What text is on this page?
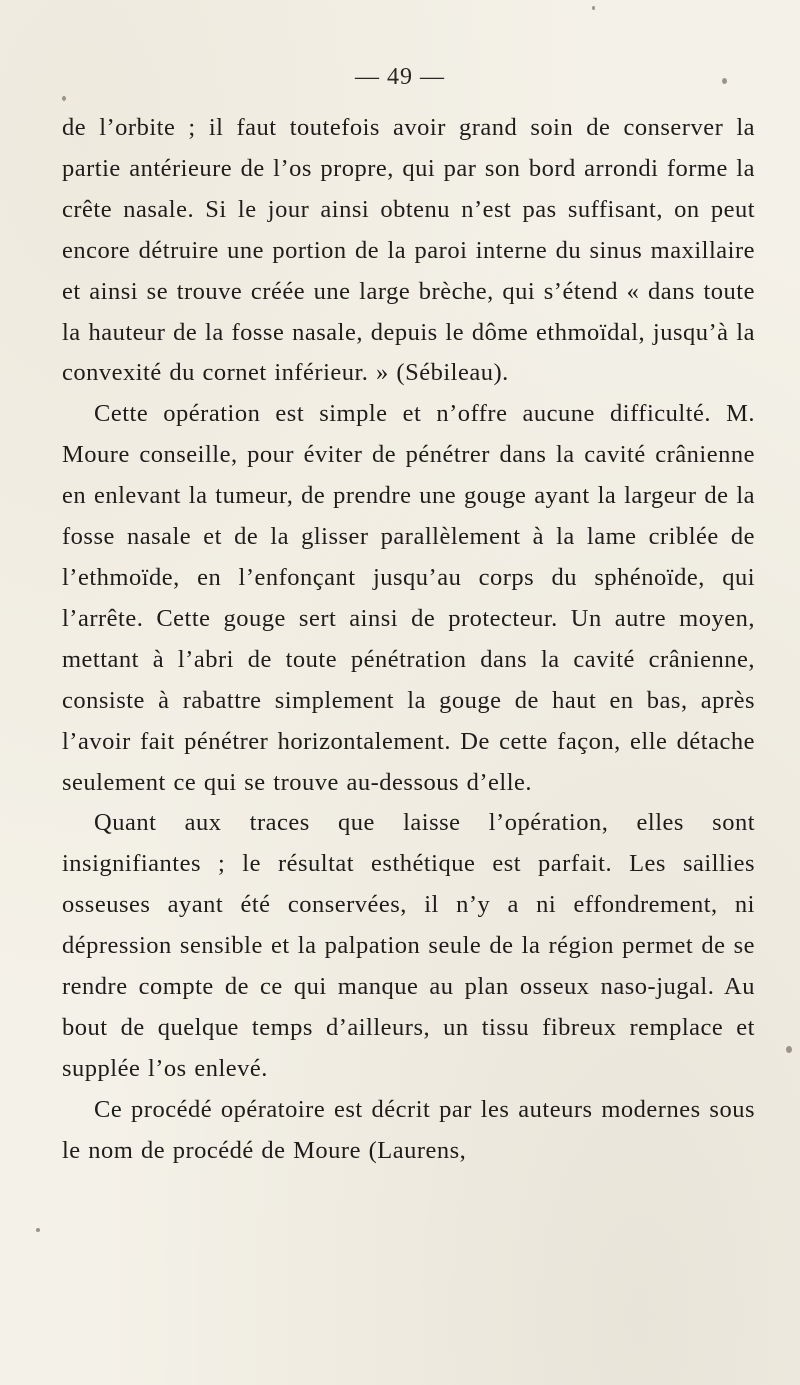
— 49 —

de l’orbite ; il faut toutefois avoir grand soin de conserver la partie antérieure de l’os propre, qui par son bord arrondi forme la crête nasale. Si le jour ainsi obtenu n’est pas suffisant, on peut encore détruire une portion de la paroi interne du sinus maxillaire et ainsi se trouve créée une large brèche, qui s’étend « dans toute la hauteur de la fosse nasale, depuis le dôme ethmoïdal, jusqu’à la convexité du cornet inférieur. » (Sébileau).

Cette opération est simple et n’offre aucune difficulté. M. Moure conseille, pour éviter de pénétrer dans la cavité crânienne en enlevant la tumeur, de prendre une gouge ayant la largeur de la fosse nasale et de la glisser parallèlement à la lame criblée de l’ethmoïde, en l’enfonçant jusqu’au corps du sphénoïde, qui l’arrête. Cette gouge sert ainsi de protecteur. Un autre moyen, mettant à l’abri de toute pénétration dans la cavité crânienne, consiste à rabattre simplement la gouge de haut en bas, après l’avoir fait pénétrer horizontalement. De cette façon, elle détache seulement ce qui se trouve au-dessous d’elle.

Quant aux traces que laisse l’opération, elles sont insignifiantes ; le résultat esthétique est parfait. Les saillies osseuses ayant été conservées, il n’y a ni effondrement, ni dépression sensible et la palpation seule de la région permet de se rendre compte de ce qui manque au plan osseux naso-jugal. Au bout de quelque temps d’ailleurs, un tissu fibreux remplace et supplée l’os enlevé.

Ce procédé opératoire est décrit par les auteurs modernes sous le nom de procédé de Moure (Laurens,
